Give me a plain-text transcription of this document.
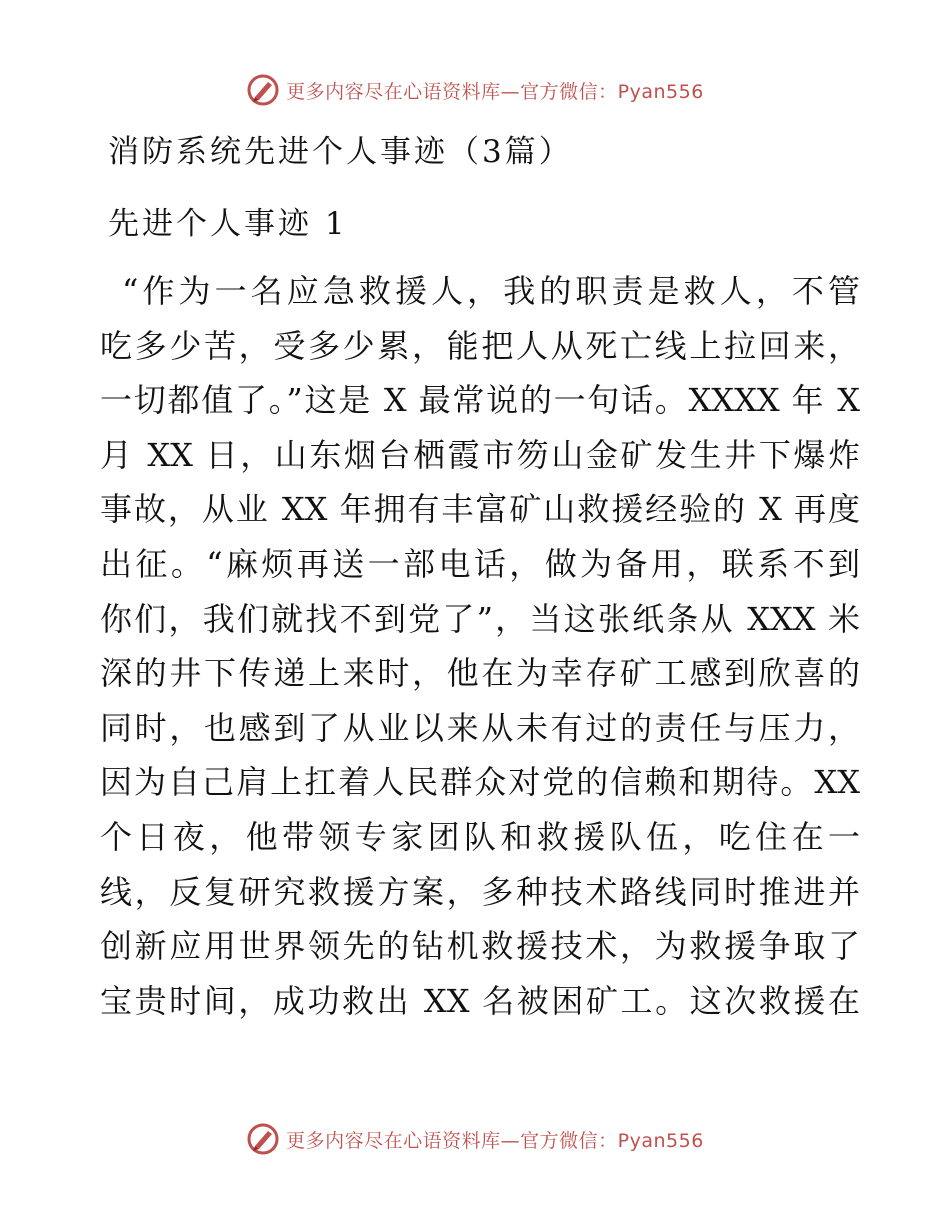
更多内容尽在心语资料库—官方微信：Pyan556
消防系统先进个人事迹（3篇）
先进个人事迹 1
“作为一名应急救援人，我的职责是救人，不管
吃多少苦，受多少累，能把人从死亡线上拉回来，
一切都值了。”这是 X 最常说的一句话。XXXX 年 X
月 XX 日，山东烟台栖霞市笏山金矿发生井下爆炸
事故，从业 XX 年拥有丰富矿山救援经验的 X 再度
出征。“麻烦再送一部电话，做为备用，联系不到
你们，我们就找不到党了”，当这张纸条从 XXX 米
深的井下传递上来时，他在为幸存矿工感到欣喜的
同时，也感到了从业以来从未有过的责任与压力，
因为自己肩上扛着人民群众对党的信赖和期待。XX
个日夜，他带领专家团队和救援队伍，吃住在一
线，反复研究救援方案，多种技术路线同时推进并
创新应用世界领先的钻机救援技术，为救援争取了
宝贵时间，成功救出 XX 名被困矿工。这次救援在
更多内容尽在心语资料库—官方微信：Pyan556
